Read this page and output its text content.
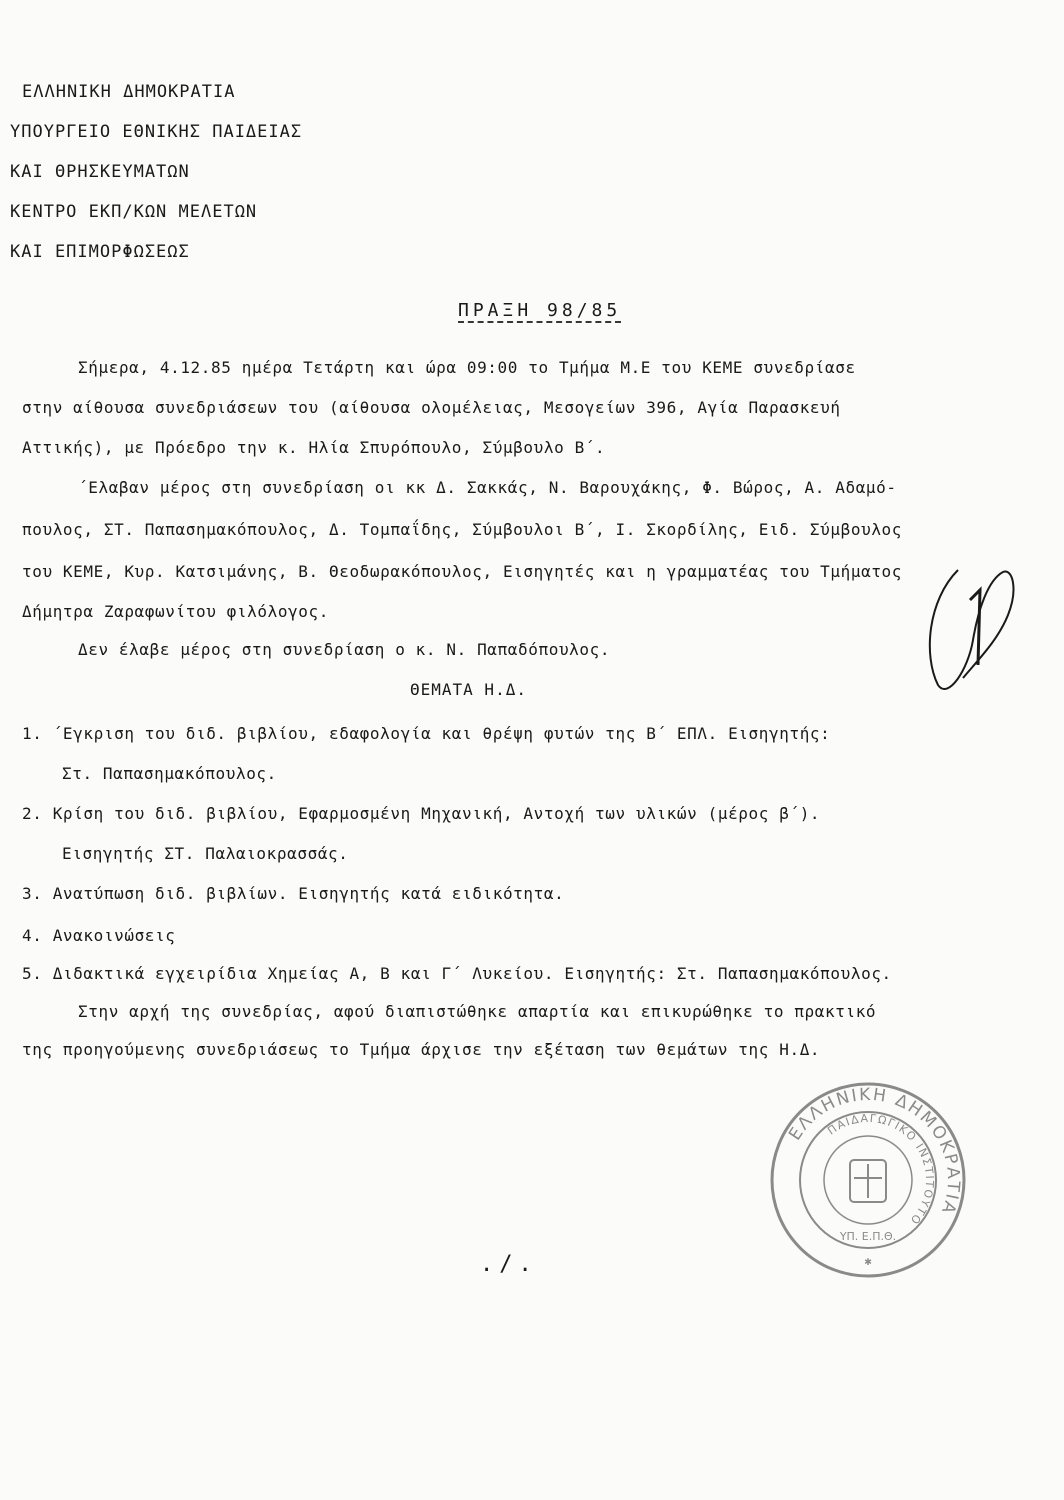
ΕΛΛΗΝΙΚΗ ΔΗΜΟΚΡΑΤΙΑ
ΥΠΟΥΡΓΕΙΟ ΕΘΝΙΚΗΣ ΠΑΙΔΕΙΑΣ
ΚΑΙ ΘΡΗΣΚΕΥΜΑΤΩΝ
ΚΕΝΤΡΟ ΕΚΠ/ΚΩΝ ΜΕΛΕΤΩΝ
ΚΑΙ ΕΠΙΜΟΡΦΩΣΕΩΣ
ΠΡΑΞΗ 98/85
Σήμερα, 4.12.85 ημέρα Τετάρτη και ώρα 09:00 το Τμήμα Μ.Ε του ΚΕΜΕ συνεδρίασε
στην αίθουσα συνεδριάσεων του (αίθουσα ολομέλειας, Μεσογείων 396, Αγία Παρασκευή
Αττικής), με Πρόεδρο την κ. Ηλία Σπυρόπουλο, Σύμβουλο Β΄.
΄Ελαβαν μέρος στη συνεδρίαση οι κκ Δ. Σακκάς, Ν. Βαρουχάκης, Φ. Βώρος, Α. Αδαμό-
πουλος, ΣΤ. Παπασημακόπουλος, Δ. Τομπαΐδης, Σύμβουλοι Β΄, Ι. Σκορδίλης, Ειδ. Σύμβουλος
του ΚΕΜΕ, Κυρ. Κατσιμάνης, Β. Θεοδωρακόπουλος, Εισηγητές και η γραμματέας του Τμήματος
Δήμητρα Ζαραφωνίτου φιλόλογος.
Δεν έλαβε μέρος στη συνεδρίαση ο κ. Ν. Παπαδόπουλος.
ΘΕΜΑΤΑ Η.Δ.
1. ΄Εγκριση του διδ. βιβλίου, εδαφολογία και θρέψη φυτών της Β΄ ΕΠΛ. Εισηγητής:
Στ. Παπασημακόπουλος.
2. Κρίση του διδ. βιβλίου, Εφαρμοσμένη Μηχανική, Αντοχή των υλικών (μέρος β΄).
Εισηγητής ΣΤ. Παλαιοκρασσάς.
3. Ανατύπωση διδ. βιβλίων. Εισηγητής κατά ειδικότητα.
4. Ανακοινώσεις
5. Διδακτικά εγχειρίδια Χημείας Α, Β και Γ΄ Λυκείου. Εισηγητής: Στ. Παπασημακόπουλος.
Στην αρχή της συνεδρίας, αφού διαπιστώθηκε απαρτία και επικυρώθηκε το πρακτικό
της προηγούμενης συνεδριάσεως το Τμήμα άρχισε την εξέταση των θεμάτων της Η.Δ.
ΕΛΛΗΝΙΚΗ ΔΗΜΟΚΡΑΤΙΑ
ΠΑΙΔΑΓΩΓΙΚΟ ΙΝΣΤΙΤΟΥΤΟ
ΥΠ. Ε.Π.Θ.
✱
./.
